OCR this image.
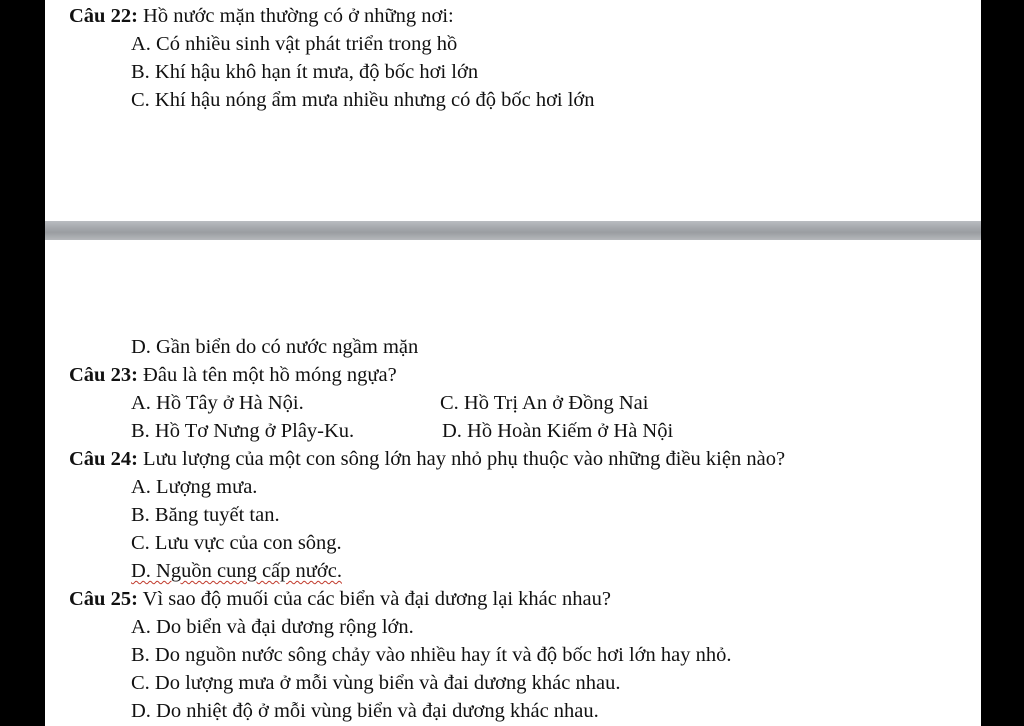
Câu 22: Hồ nước mặn thường có ở những nơi:
A. Có nhiều sinh vật phát triển trong hồ
B. Khí hậu khô hạn ít mưa, độ bốc hơi lớn
C. Khí hậu nóng ẩm mưa nhiều nhưng có độ bốc hơi lớn
D. Gần biển do có nước ngầm mặn
Câu 23: Đâu là tên một hồ móng ngựa?
A. Hồ Tây ở Hà Nội.	C. Hồ Trị An ở Đồng Nai
B. Hồ Tơ Nưng ở Plây-Ku.	D. Hồ Hoàn Kiếm ở Hà Nội
Câu 24: Lưu lượng của một con sông lớn hay nhỏ phụ thuộc vào những điều kiện nào?
A. Lượng mưa.
B. Băng tuyết tan.
C. Lưu vực của con sông.
D. Nguồn cung cấp nước.
Câu 25: Vì sao độ muối của các biển và đại dương lại khác nhau?
A. Do biển và đại dương rộng lớn.
B. Do nguồn nước sông chảy vào nhiều hay ít và độ bốc hơi lớn hay nhỏ.
C. Do lượng mưa ở mỗi vùng biển và đai dương khác nhau.
D. Do nhiệt độ ở mỗi vùng biển và đại dương khác nhau.
